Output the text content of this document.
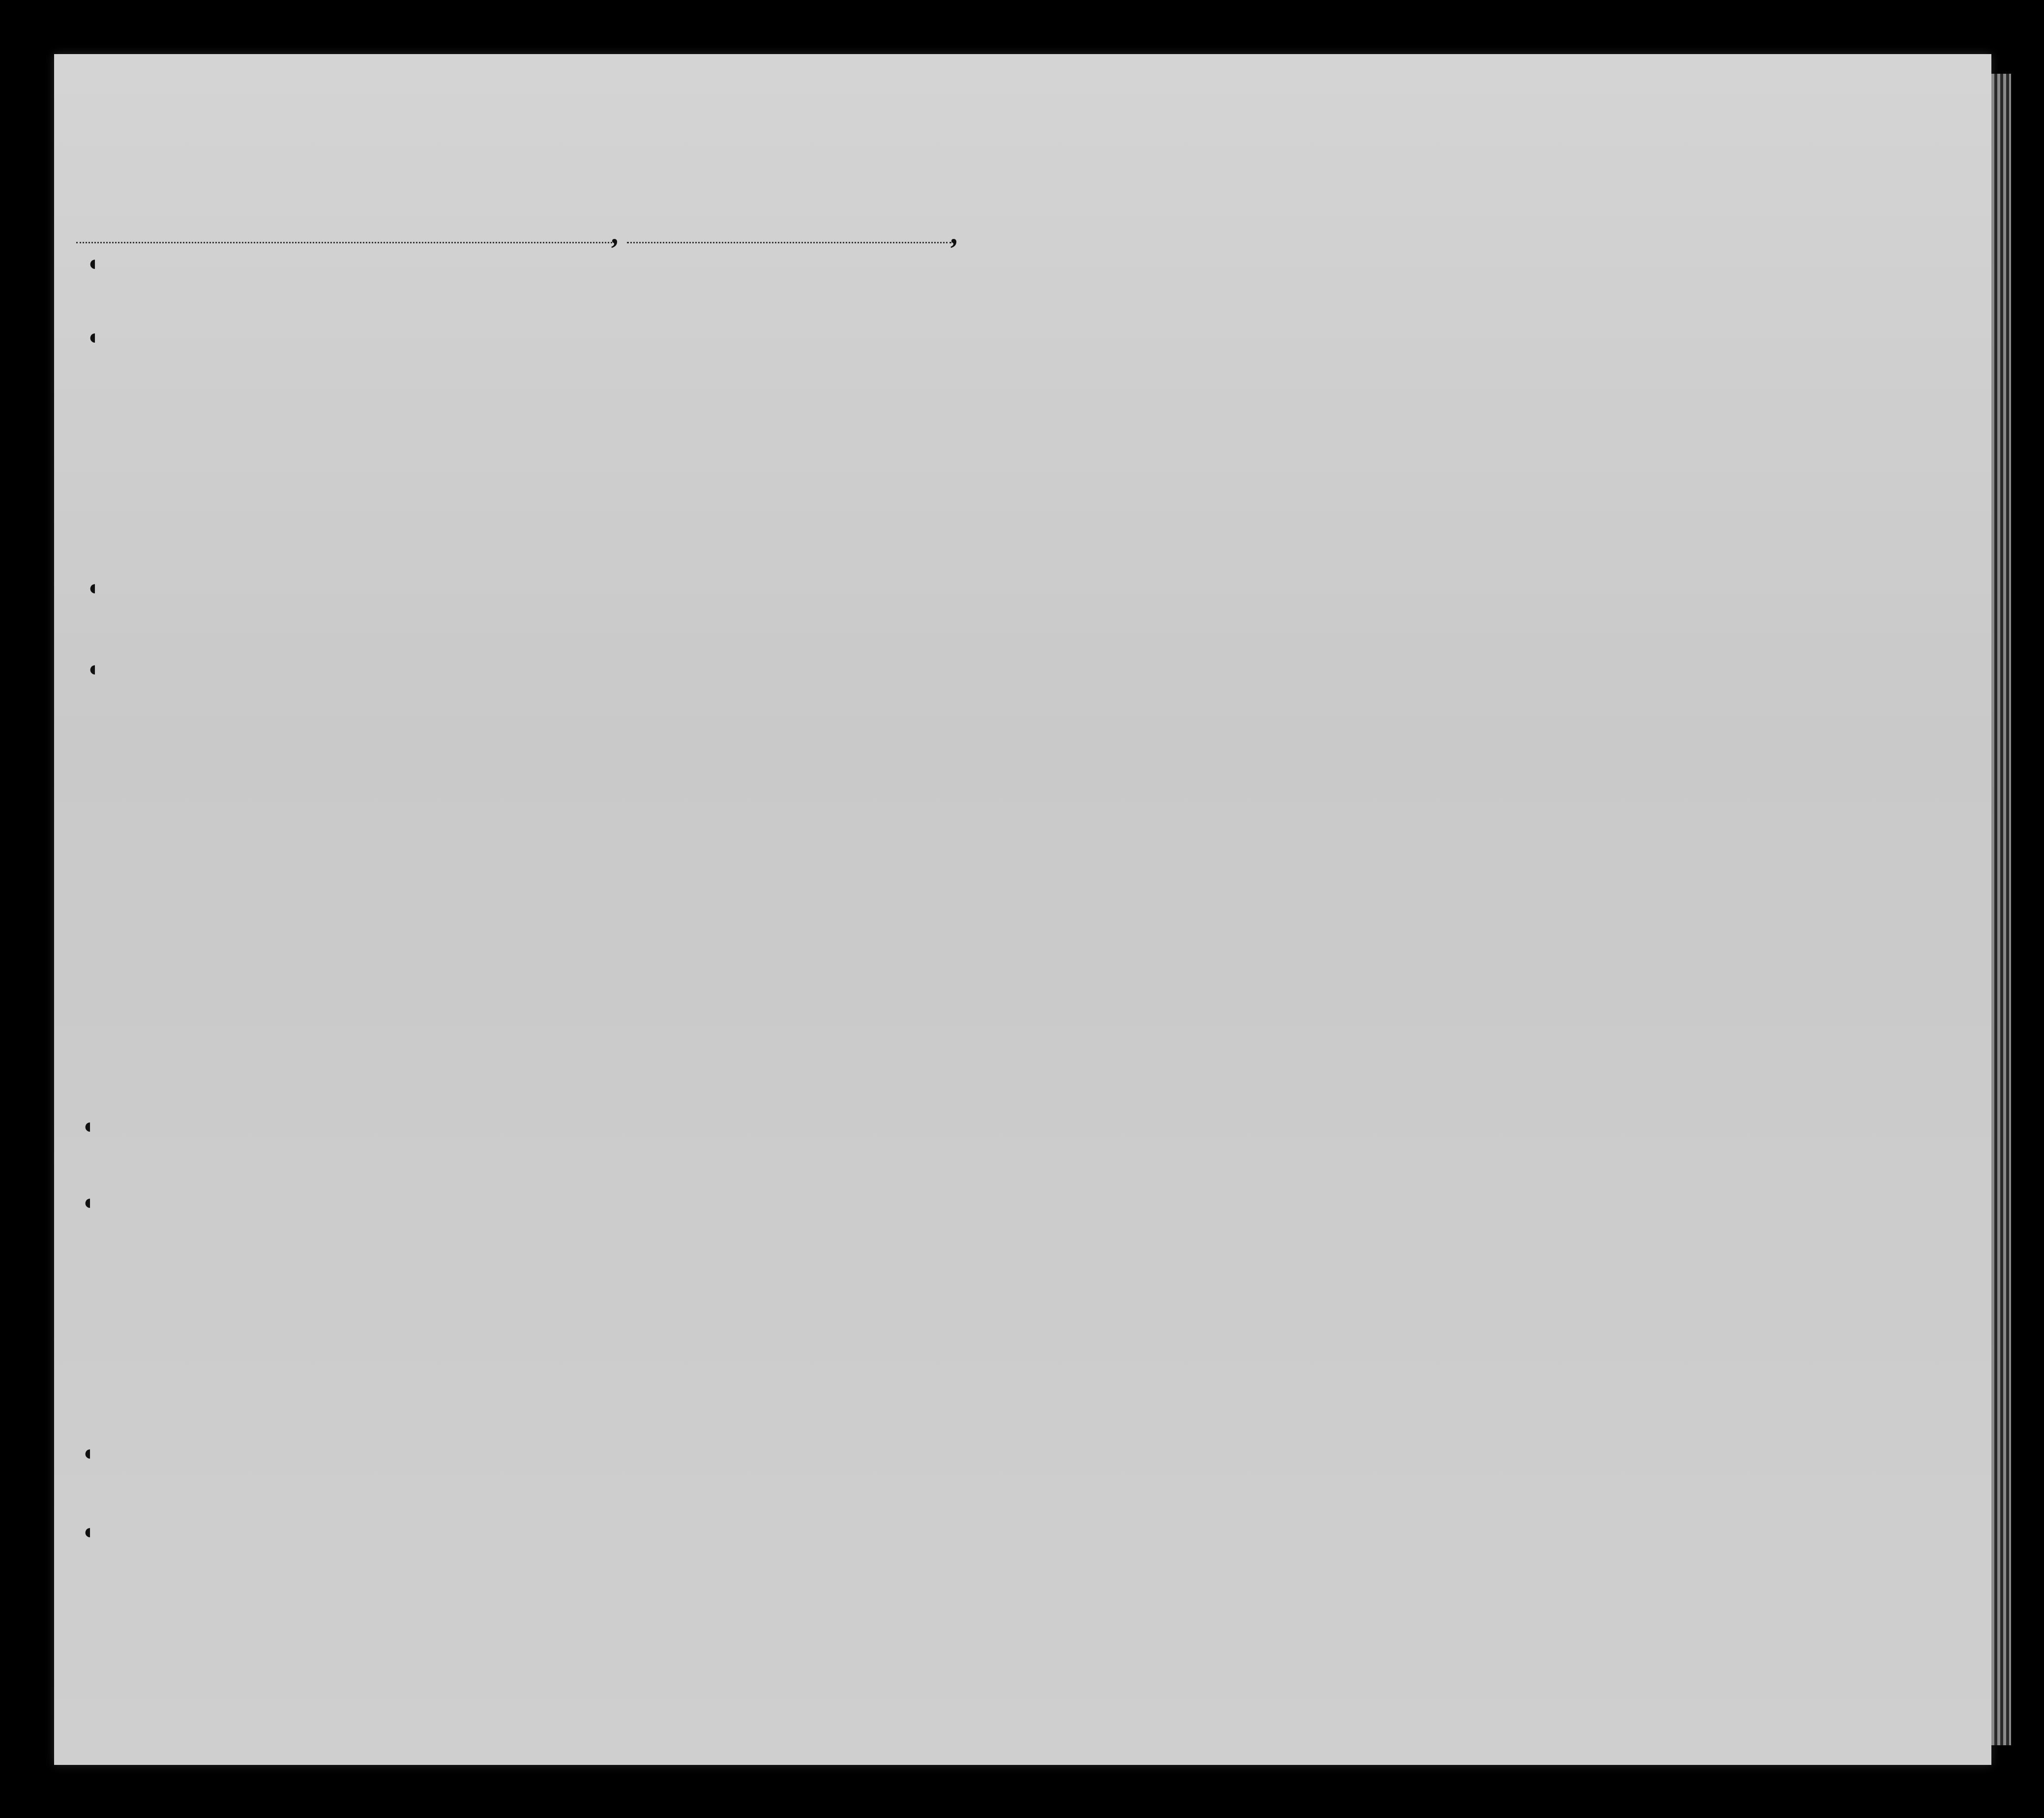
,	,
◖
◖
◖
◖
◖
◖
◖
◖
